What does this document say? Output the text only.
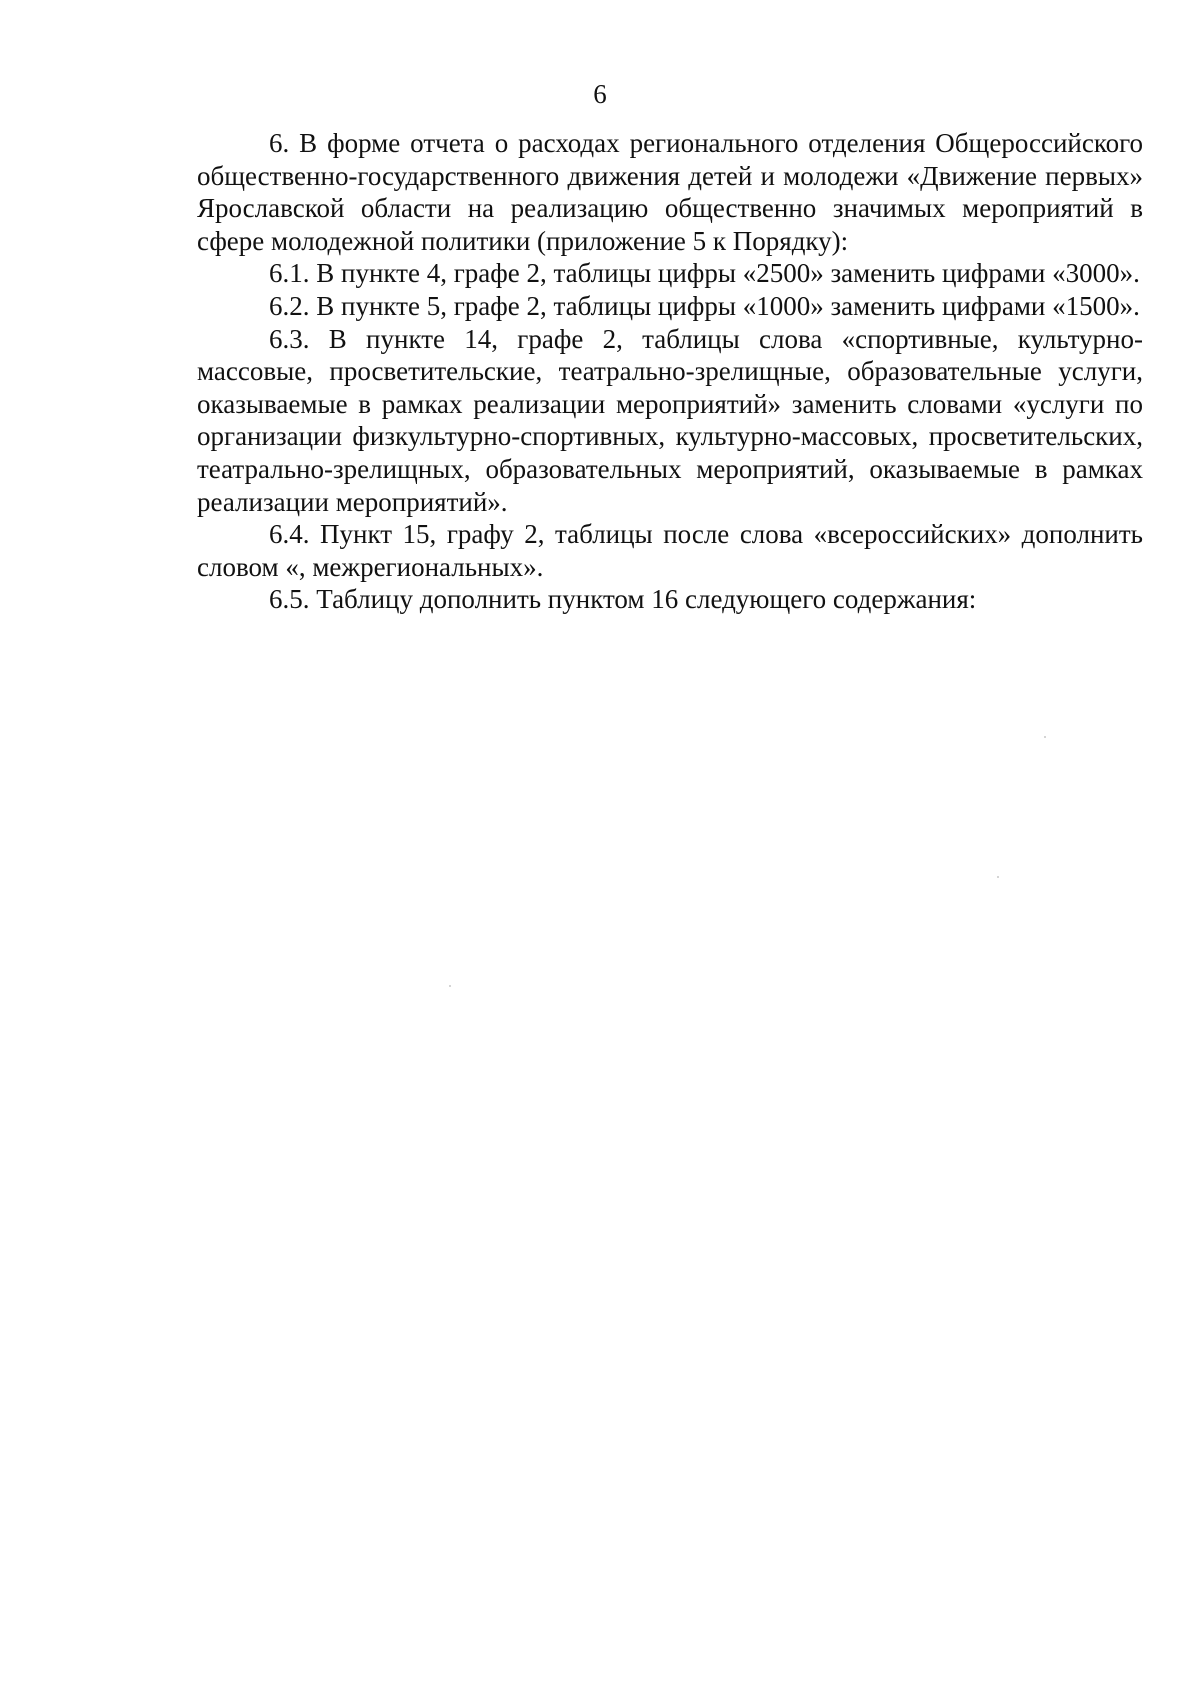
6

6. В форме отчета о расходах регионального отделения Общероссийского общественно-государственного движения детей и молодежи «Движение первых» Ярославской области на реализацию общественно значимых мероприятий в сфере молодежной политики (приложение 5 к Порядку):

6.1. В пункте 4, графе 2, таблицы цифры «2500» заменить цифрами «3000».

6.2. В пункте 5, графе 2, таблицы цифры «1000» заменить цифрами «1500».

6.3. В пункте 14, графе 2, таблицы слова «спортивные, культурно-массовые, просветительские, театрально-зрелищные, образовательные услуги, оказываемые в рамках реализации мероприятий» заменить словами «услуги по организации физкультурно-спортивных, культурно-массовых, просветительских, театрально-зрелищных, образовательных мероприятий, оказываемые в рамках реализации мероприятий».

6.4. Пункт 15, графу 2, таблицы после слова «всероссийских» дополнить словом «, межрегиональных».

6.5. Таблицу дополнить пунктом 16 следующего содержания:
